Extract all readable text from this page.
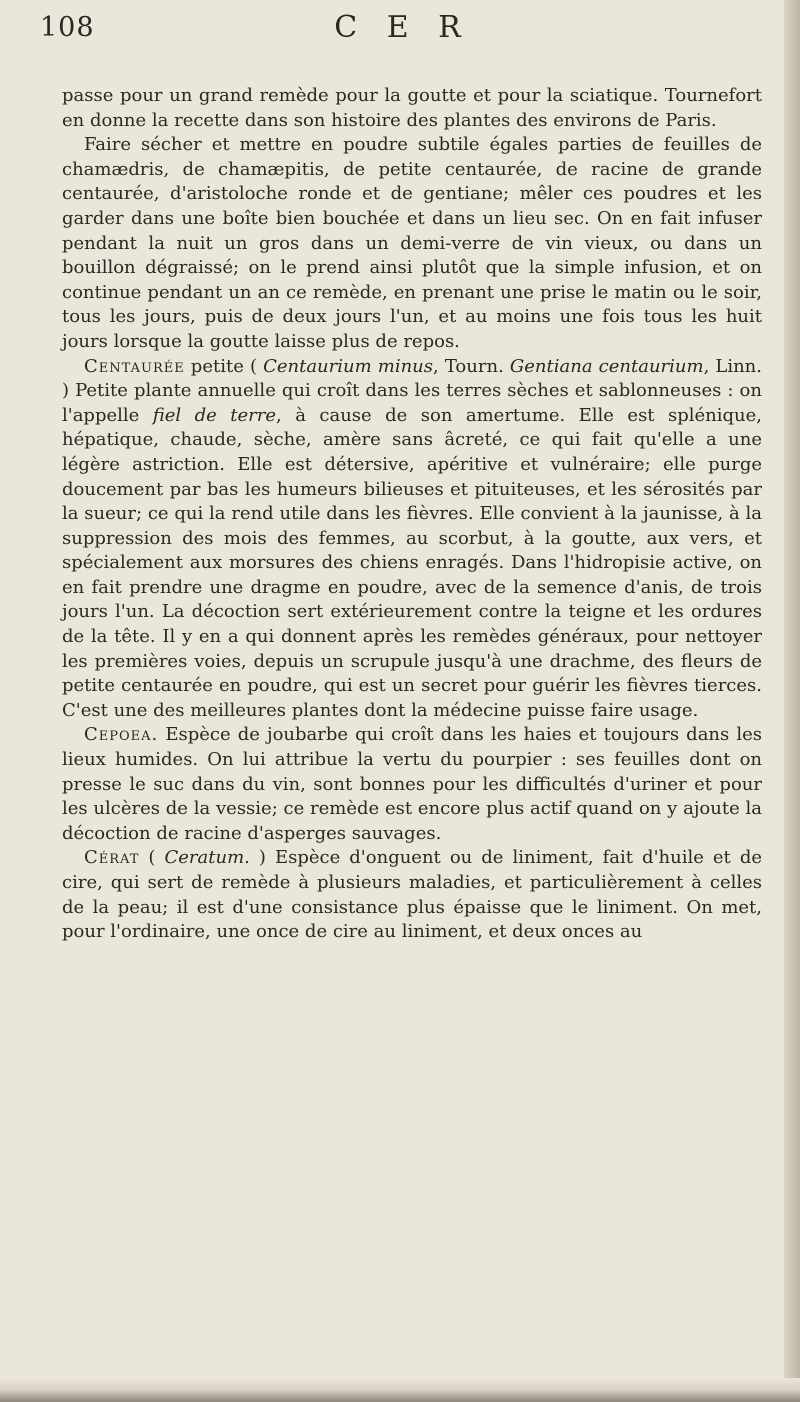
108	C E R

passe pour un grand remède pour la goutte et pour la sciatique. Tournefort en donne la recette dans son histoire des plantes des environs de Paris.

Faire sécher et mettre en poudre subtile égales parties de feuilles de chamædris, de chamæpitis, de petite centaurée, de racine de grande centaurée, d'aristoloche ronde et de gentiane; mêler ces poudres et les garder dans une boîte bien bouchée et dans un lieu sec. On en fait infuser pendant la nuit un gros dans un demi-verre de vin vieux, ou dans un bouillon dégraissé; on le prend ainsi plutôt que la simple infusion, et on continue pendant un an ce remède, en prenant une prise le matin ou le soir, tous les jours, puis de deux jours l'un, et au moins une fois tous les huit jours lorsque la goutte laisse plus de repos.

Centaurée petite ( Centaurium minus, Tourn. Gentiana centaurium, Linn. ) Petite plante annuelle qui croît dans les terres sèches et sablonneuses : on l'appelle fiel de terre, à cause de son amertume. Elle est splénique, hépatique, chaude, sèche, amère sans âcreté, ce qui fait qu'elle a une légère astriction. Elle est détersive, apéritive et vulnéraire; elle purge doucement par bas les humeurs bilieuses et pituiteuses, et les sérosités par la sueur; ce qui la rend utile dans les fièvres. Elle convient à la jaunisse, à la suppression des mois des femmes, au scorbut, à la goutte, aux vers, et spécialement aux morsures des chiens enragés. Dans l'hidropisie active, on en fait prendre une dragme en poudre, avec de la semence d'anis, de trois jours l'un. La décoction sert extérieurement contre la teigne et les ordures de la tête. Il y en a qui donnent après les remèdes généraux, pour nettoyer les premières voies, depuis un scrupule jusqu'à une drachme, des fleurs de petite centaurée en poudre, qui est un secret pour guérir les fièvres tierces. C'est une des meilleures plantes dont la médecine puisse faire usage.

Cepoea. Espèce de joubarbe qui croît dans les haies et toujours dans les lieux humides. On lui attribue la vertu du pourpier : ses feuilles dont on presse le suc dans du vin, sont bonnes pour les difficultés d'uriner et pour les ulcères de la vessie; ce remède est encore plus actif quand on y ajoute la décoction de racine d'asperges sauvages.

Cérat ( Ceratum. ) Espèce d'onguent ou de liniment, fait d'huile et de cire, qui sert de remède à plusieurs maladies, et particulièrement à celles de la peau; il est d'une consistance plus épaisse que le liniment. On met, pour l'ordinaire, une once de cire au liniment, et deux onces au
